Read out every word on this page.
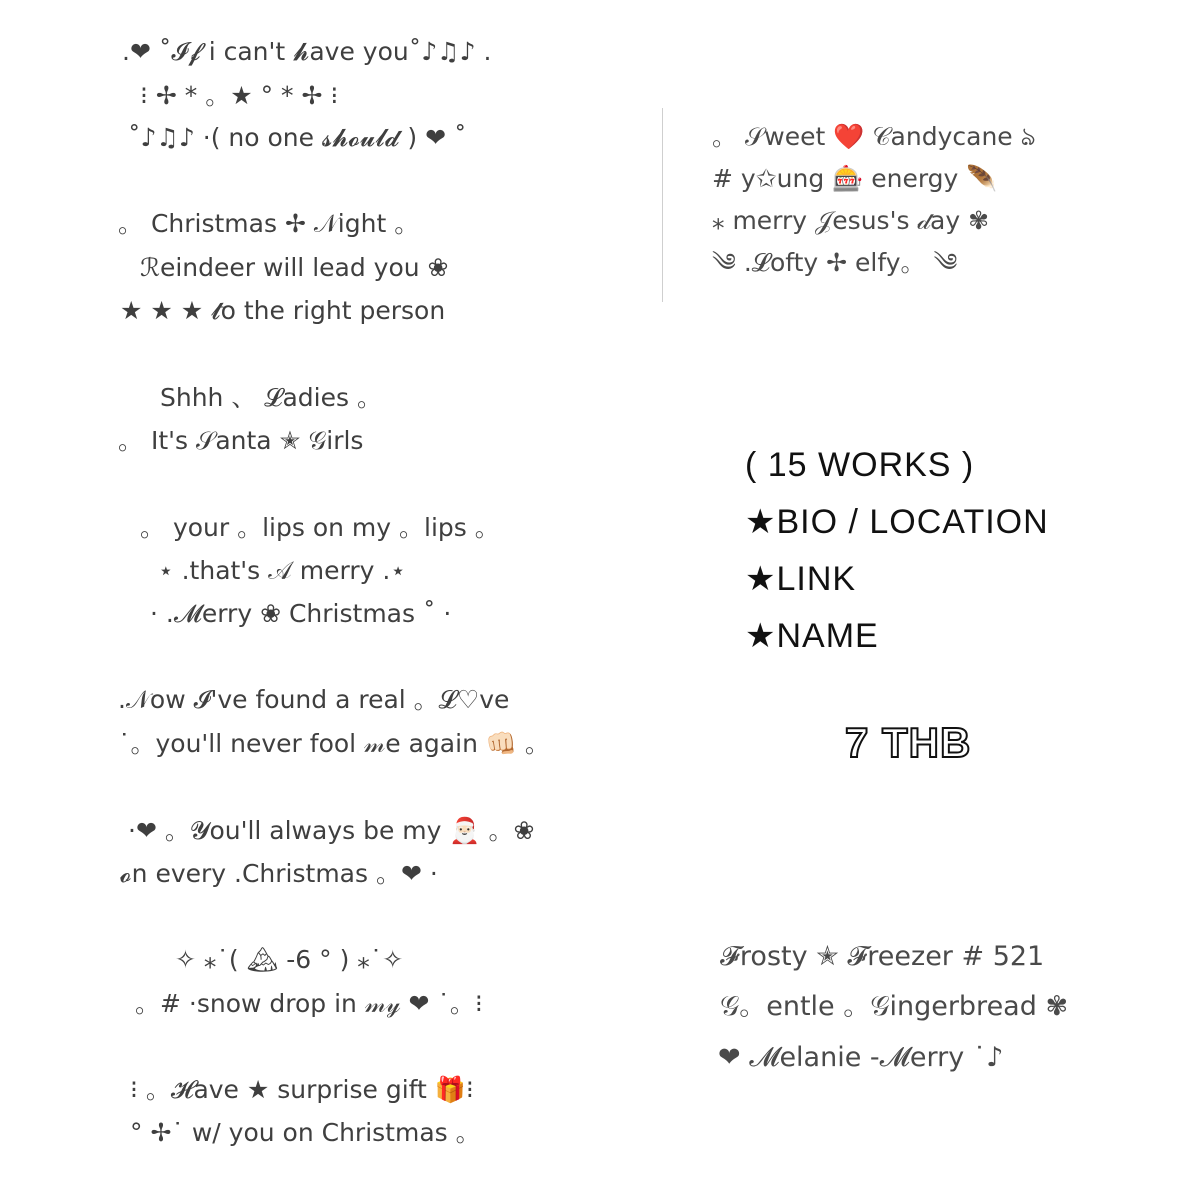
.❤ ˚𝓘𝓯 i can't 𝓱ave you˚♪♫♪ .
⁝ ✢ * 。★ ° * ✢ ⁝
˚♪♫♪ ·( no one 𝓼𝓱𝓸𝓾𝓵𝓭 ) ❤ ˚
。 Christmas ✢ 𝒩ight 。
ℛeindeer will lead you ❀
★ ★ ★ 𝓽o the right person
Shhh 、 𝓛adies 。
。 It's 𝒮anta ✭ 𝒢irls
。 your 。lips on my 。lips 。
⋆ .that's 𝒜 merry .⋆
· .𝓜erry ❀ Christmas ˚ ·
.𝒩ow 𝓘've found a real 。𝓛♡ve
˙。you'll never fool 𝓂e again 👊🏻 。
·❤ 。𝓨ou'll always be my 🎅🏻 。❀
𝓸n every .Christmas 。❤ ·
✧ ⁎˙( 🏔 -6 ° ) ⁎˙✧
。# ·snow drop in 𝓂𝓎 ❤ ˙。⁝
⁝ 。𝓗ave ★ surprise gift 🎁⁝
° ✢˙ w/ you on Christmas 。
。 𝒮weet ❤️ 𝒞andycane ঌ
# y✩ung 🎰 energy 🪶
⁎ merry 𝒥esus's 𝒹ay ✾
༄ .𝓛ofty ✢ elfy。 ༄
( 15 WORKS )
★BIO / LOCATION
★LINK
★NAME
7 THB
𝓕rosty ✭ 𝓕reezer # 521
𝒢。entle 。𝒢ingerbread ✾
❤ 𝓜elanie -𝓜erry ˙♪
